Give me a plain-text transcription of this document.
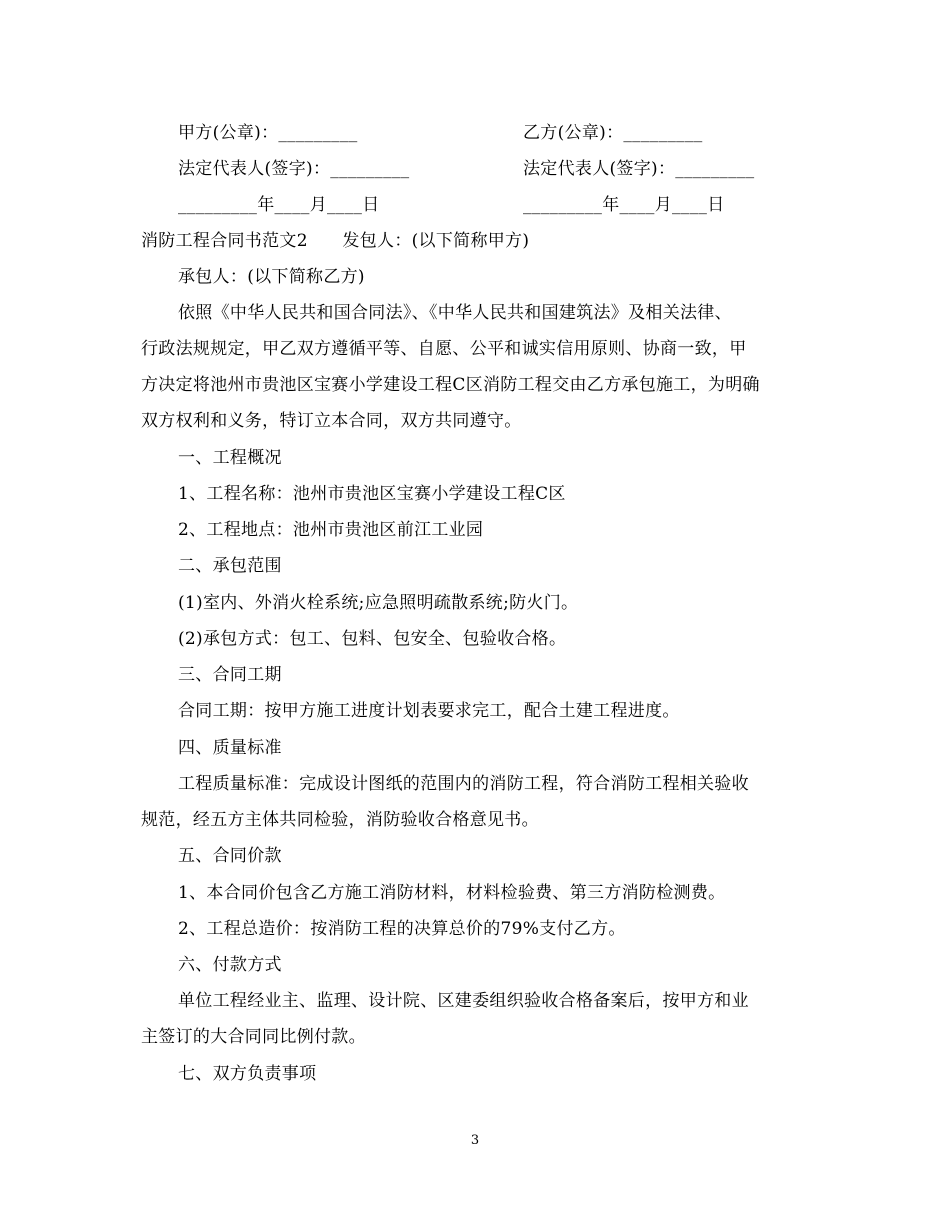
甲方(公章)：_________	乙方(公章)：_________
法定代表人(签字)：_________	法定代表人(签字)：_________
_________年____月____日	_________年____月____日
消防工程合同书范文2　　发包人：(以下简称甲方)
承包人：(以下简称乙方)
依照《中华人民共和国合同法》、《中华人民共和国建筑法》及相关法律、
行政法规规定，甲乙双方遵循平等、自愿、公平和诚实信用原则、协商一致，甲
方决定将池州市贵池区宝赛小学建设工程C区消防工程交由乙方承包施工，为明确
双方权利和义务，特订立本合同，双方共同遵守。
一、工程概况
1、工程名称：池州市贵池区宝赛小学建设工程C区
2、工程地点：池州市贵池区前江工业园
二、承包范围
(1)室内、外消火栓系统;应急照明疏散系统;防火门。
(2)承包方式：包工、包料、包安全、包验收合格。
三、合同工期
合同工期：按甲方施工进度计划表要求完工，配合土建工程进度。
四、质量标准
工程质量标准：完成设计图纸的范围内的消防工程，符合消防工程相关验收
规范，经五方主体共同检验，消防验收合格意见书。
五、合同价款
1、本合同价包含乙方施工消防材料，材料检验费、第三方消防检测费。
2、工程总造价：按消防工程的决算总价的79%支付乙方。
六、付款方式
单位工程经业主、监理、设计院、区建委组织验收合格备案后，按甲方和业
主签订的大合同同比例付款。
七、双方负责事项
3
